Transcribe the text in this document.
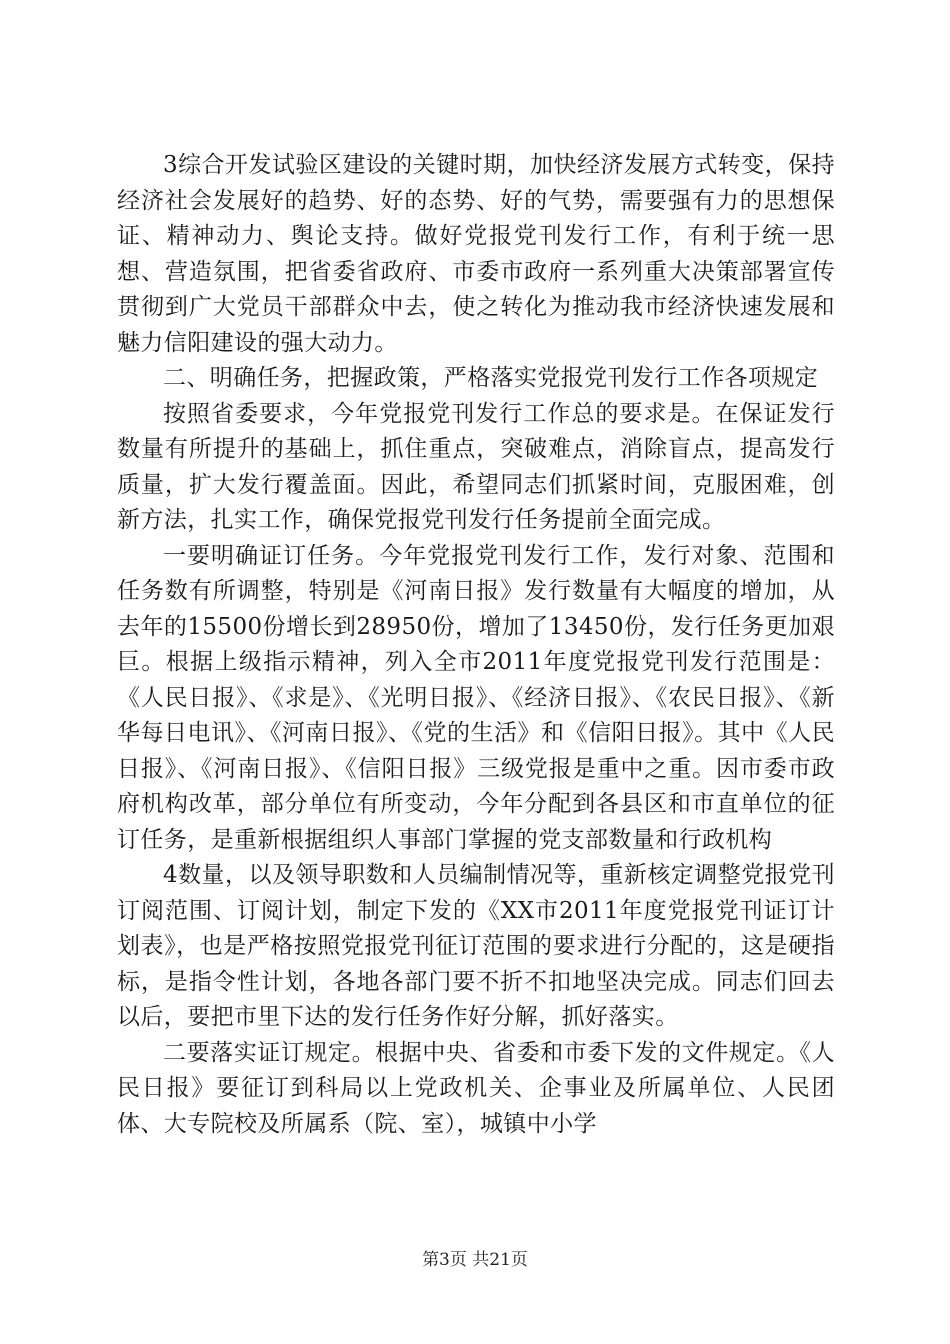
3综合开发试验区建设的关键时期，加快经济发展方式转变，保持经济社会发展好的趋势、好的态势、好的气势，需要强有力的思想保证、精神动力、舆论支持。做好党报党刊发行工作，有利于统一思想、营造氛围，把省委省政府、市委市政府一系列重大决策部署宣传贯彻到广大党员干部群众中去，使之转化为推动我市经济快速发展和魅力信阳建设的强大动力。

二、明确任务，把握政策，严格落实党报党刊发行工作各项规定

按照省委要求，今年党报党刊发行工作总的要求是。在保证发行数量有所提升的基础上，抓住重点，突破难点，消除盲点，提高发行质量，扩大发行覆盖面。因此，希望同志们抓紧时间，克服困难，创新方法，扎实工作，确保党报党刊发行任务提前全面完成。

一要明确证订任务。今年党报党刊发行工作，发行对象、范围和任务数有所调整，特别是《河南日报》发行数量有大幅度的增加，从去年的15500份增长到28950份，增加了13450份，发行任务更加艰巨。根据上级指示精神，列入全市2011年度党报党刊发行范围是：《人民日报》、《求是》、《光明日报》、《经济日报》、《农民日报》、《新华每日电讯》、《河南日报》、《党的生活》和《信阳日报》。其中《人民日报》、《河南日报》、《信阳日报》三级党报是重中之重。因市委市政府机构改革，部分单位有所变动，今年分配到各县区和市直单位的征订任务，是重新根据组织人事部门掌握的党支部数量和行政机构

4数量，以及领导职数和人员编制情况等，重新核定调整党报党刊订阅范围、订阅计划，制定下发的《XX市2011年度党报党刊证订计划表》，也是严格按照党报党刊征订范围的要求进行分配的，这是硬指标，是指令性计划，各地各部门要不折不扣地坚决完成。同志们回去以后，要把市里下达的发行任务作好分解，抓好落实。

二要落实证订规定。根据中央、省委和市委下发的文件规定。《人民日报》要征订到科局以上党政机关、企事业及所属单位、人民团体、大专院校及所属系（院、室），城镇中小学

第3页 共21页
